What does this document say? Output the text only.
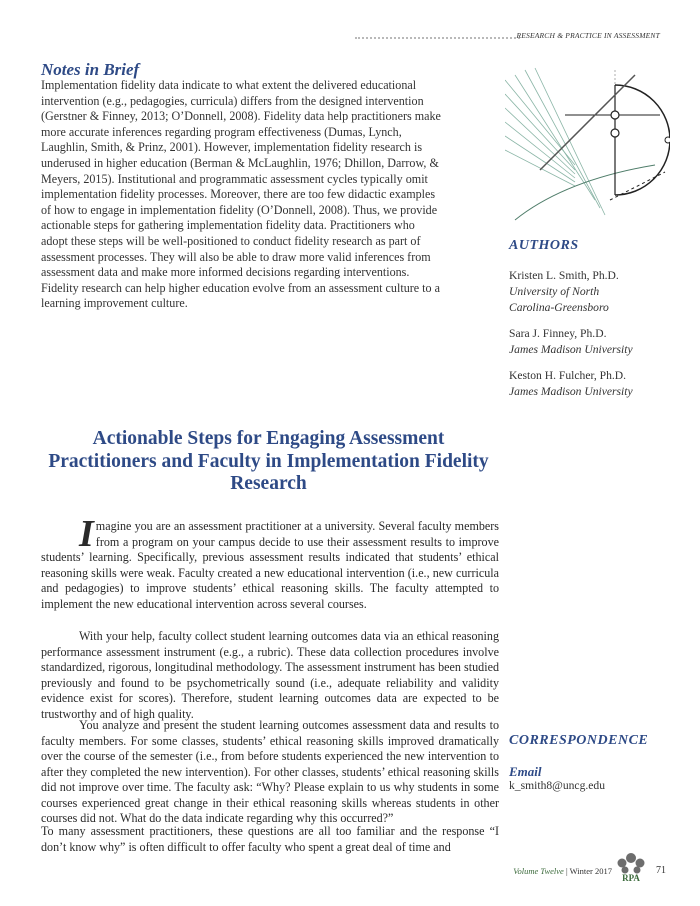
RESEARCH & PRACTICE IN ASSESSMENT
Notes in Brief
Implementation fidelity data indicate to what extent the delivered educational intervention (e.g., pedagogies, curricula) differs from the designed intervention (Gerstner & Finney, 2013; O’Donnell, 2008). Fidelity data help practitioners make more accurate inferences regarding program effectiveness (Dumas, Lynch, Laughlin, Smith, & Prinz, 2001). However, implementation fidelity research is underused in higher education (Berman & McLaughlin, 1976; Dhillon, Darrow, & Meyers, 2015). Institutional and programmatic assessment cycles typically omit implementation fidelity processes. Moreover, there are too few didactic examples of how to engage in implementation fidelity (O’Donnell, 2008). Thus, we provide actionable steps for gathering implementation fidelity data. Practitioners who adopt these steps will be well-positioned to conduct fidelity research as part of assessment processes. They will also be able to draw more valid inferences from assessment data and make more informed decisions regarding interventions. Fidelity research can help higher education evolve from an assessment culture to a learning improvement culture.
AUTHORS
Kristen L. Smith, Ph.D.
University of North Carolina-Greensboro
Sara J. Finney, Ph.D.
James Madison University
Keston H. Fulcher, Ph.D.
James Madison University
Actionable Steps for Engaging Assessment Practitioners and Faculty in Implementation Fidelity Research
Imagine you are an assessment practitioner at a university. Several faculty members from a program on your campus decide to use their assessment results to improve students’ learning. Specifically, previous assessment results indicated that students’ ethical reasoning skills were weak. Faculty created a new educational intervention (i.e., new curricula and pedagogies) to improve students’ ethical reasoning skills. The faculty attempted to implement the new educational intervention across several courses.
With your help, faculty collect student learning outcomes data via an ethical reasoning performance assessment instrument (e.g., a rubric). These data collection procedures involve standardized, rigorous, longitudinal methodology. The assessment instrument has been studied previously and found to be psychometrically sound (i.e., adequate reliability and validity evidence exist for scores). Therefore, student learning outcomes data are expected to be trustworthy and of high quality.
You analyze and present the student learning outcomes assessment data and results to faculty members. For some classes, students’ ethical reasoning skills improved dramatically over the course of the semester (i.e., from before students experienced the new intervention to after they completed the new intervention). For other classes, students’ ethical reasoning skills did not improve over time. The faculty ask: “Why? Please explain to us why students in some courses experienced great change in their ethical reasoning skills whereas students in other courses did not. What do the data indicate regarding why this occurred?”
To many assessment practitioners, these questions are all too familiar and the response “I don’t know why” is often difficult to offer faculty who spent a great deal of time and
CORRESPONDENCE
Email
k_smith8@uncg.edu
Volume Twelve | Winter 2017
RPA
71
